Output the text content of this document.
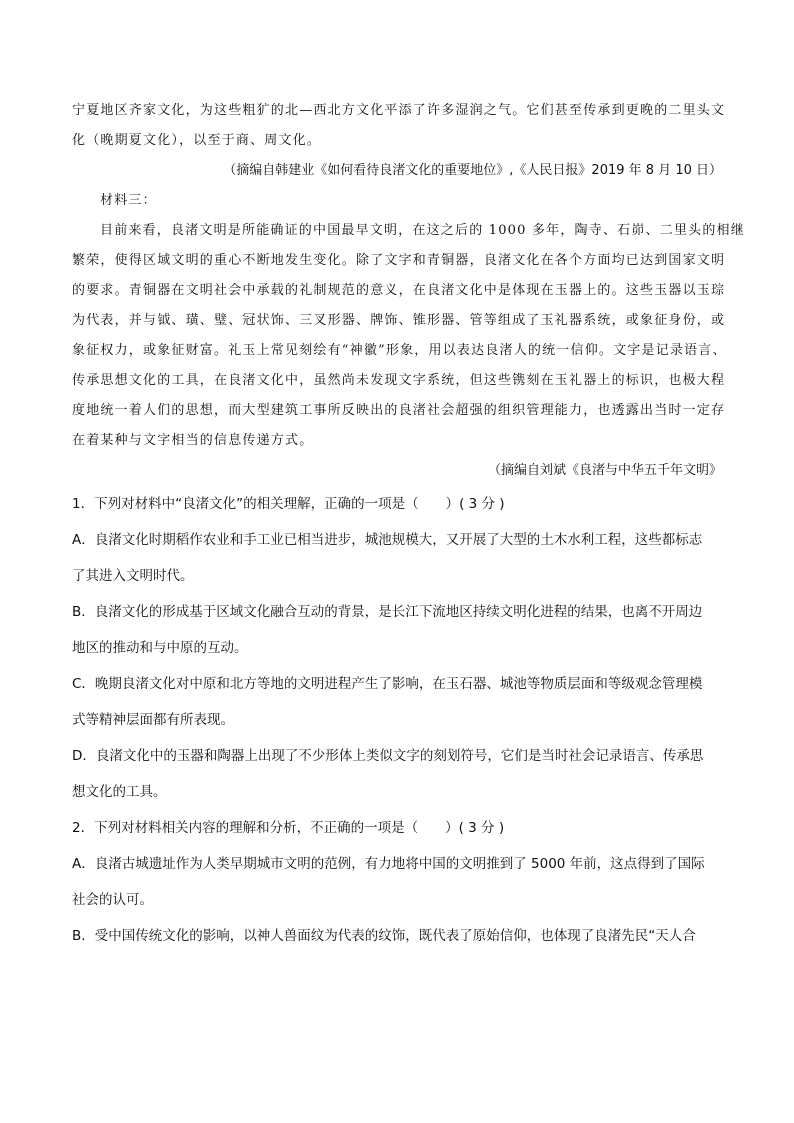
宁夏地区齐家文化，为这些粗犷的北—西北方文化平添了许多湿润之气。它们甚至传承到更晚的二里头文
化（晚期夏文化），以至于商、周文化。
（摘编自韩建业《如何看待良渚文化的重要地位》,《人民日报》2019 年 8 月 10 日）
材料三：
目前来看，良渚文明是所能确证的中国最早文明，在这之后的 1000 多年，陶寺、石峁、二里头的相继
繁荣，使得区域文明的重心不断地发生变化。除了文字和青铜器，良渚文化在各个方面均已达到国家文明
的要求。青铜器在文明社会中承载的礼制规范的意义，在良渚文化中是体现在玉器上的。这些玉器以玉琮
为代表，并与钺、璜、璧、冠状饰、三叉形器、牌饰、锥形器、管等组成了玉礼器系统，或象征身份，或
象征权力，或象征财富。礼玉上常见刻绘有“神徽”形象，用以表达良渚人的统一信仰。文字是记录语言、
传承思想文化的工具，在良渚文化中，虽然尚未发现文字系统，但这些镌刻在玉礼器上的标识，也极大程
度地统一着人们的思想，而大型建筑工事所反映出的良渚社会超强的组织管理能力，也透露出当时一定存
在着某种与文字相当的信息传递方式。
（摘编自刘斌《良渚与中华五千年文明》
1．下列对材料中“良渚文化”的相关理解，正确的一项是（　　）( 3 分 )
A．良渚文化时期稻作农业和手工业已相当进步，城池规模大，又开展了大型的土木水利工程，这些都标志
了其进入文明时代。
B．良渚文化的形成基于区域文化融合互动的背景，是长江下流地区持续文明化进程的结果，也离不开周边
地区的推动和与中原的互动。
C．晚期良渚文化对中原和北方等地的文明进程产生了影响，在玉石器、城池等物质层面和等级观念管理模
式等精神层面都有所表现。
D．良渚文化中的玉器和陶器上出现了不少形体上类似文字的刻划符号，它们是当时社会记录语言、传承思
想文化的工具。
2．下列对材料相关内容的理解和分析，不正确的一项是（　　）( 3 分 )
A．良渚古城遗址作为人类早期城市文明的范例，有力地将中国的文明推到了 5000 年前，这点得到了国际
社会的认可。
B．受中国传统文化的影响，以神人兽面纹为代表的纹饰，既代表了原始信仰，也体现了良渚先民“天人合
